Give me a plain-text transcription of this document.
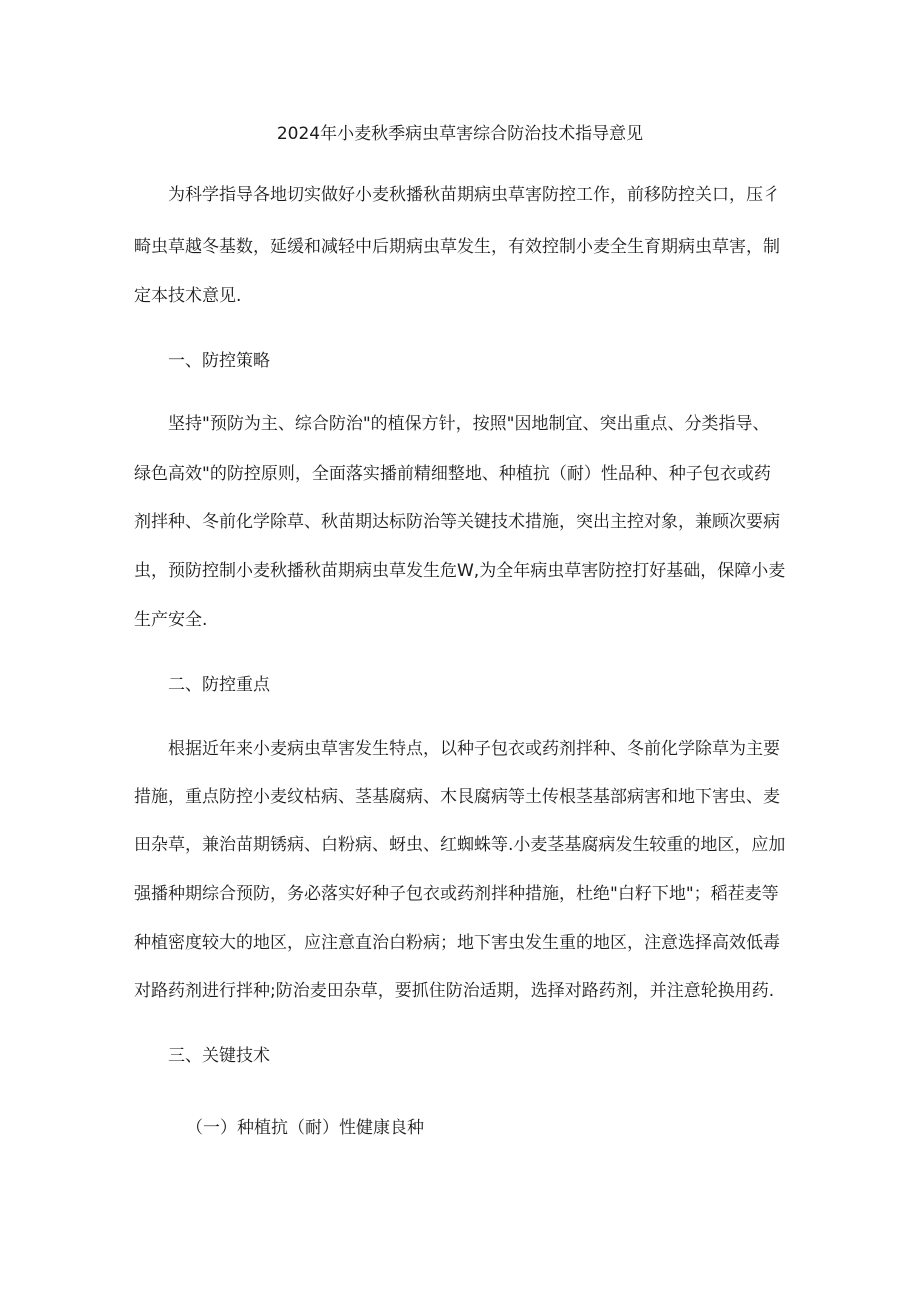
2024年小麦秋季病虫草害综合防治技术指导意见
为科学指导各地切实做好小麦秋播秋苗期病虫草害防控工作，前移防控关口，压彳
畸虫草越冬基数，延缓和减轻中后期病虫草发生，有效控制小麦全生育期病虫草害，制
定本技术意见.
一、防控策略
坚持"预防为主、综合防治"的植保方针，按照"因地制宜、突出重点、分类指导、
绿色高效"的防控原则，全面落实播前精细整地、种植抗（耐）性品种、种子包衣或药
剂拌种、冬前化学除草、秋苗期达标防治等关键技术措施，突出主控对象，兼顾次要病
虫，预防控制小麦秋播秋苗期病虫草发生危W,为全年病虫草害防控打好基础，保障小麦
生产安全.
二、防控重点
根据近年来小麦病虫草害发生特点，以种子包衣或药剂拌种、冬前化学除草为主要
措施，重点防控小麦纹枯病、茎基腐病、木艮腐病等土传根茎基部病害和地下害虫、麦
田杂草，兼治苗期锈病、白粉病、蚜虫、红蜘蛛等.小麦茎基腐病发生较重的地区，应加
强播种期综合预防，务必落实好种子包衣或药剂拌种措施，杜绝"白籽下地"；稻茬麦等
种植密度较大的地区，应注意直治白粉病；地下害虫发生重的地区，注意选择高效低毒
对路药剂进行拌种;防治麦田杂草，要抓住防治适期，选择对路药剂，并注意轮换用药.
三、关键技术
（一）种植抗（耐）性健康良种
